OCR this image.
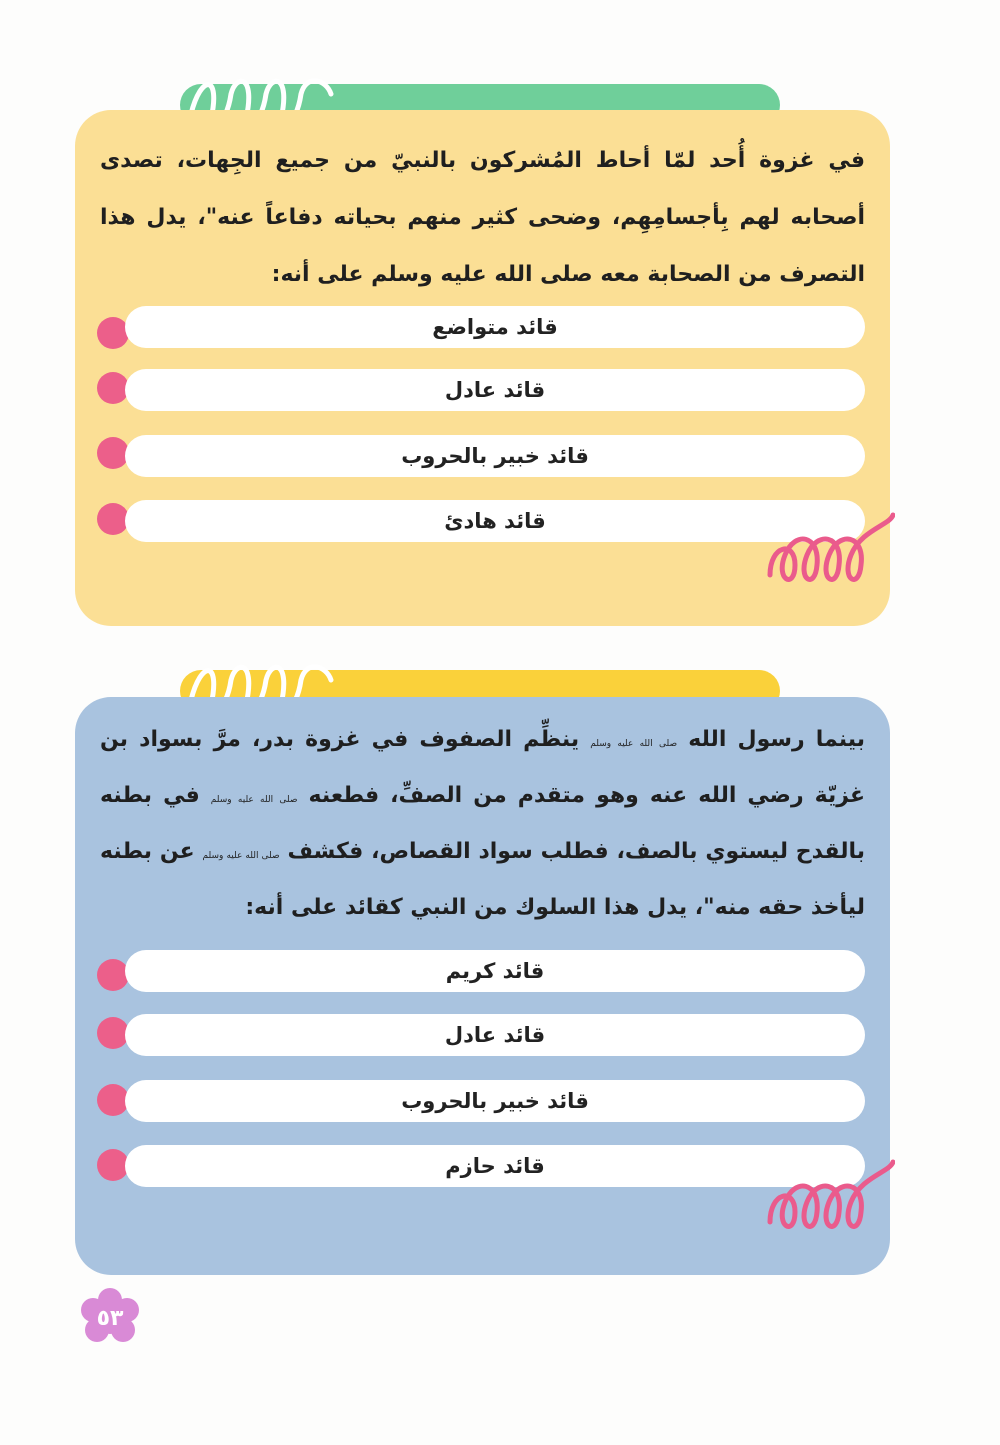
في غزوة أُحد لمّا أحاط المُشركون بالنبيّ من جميع الجِهات، تصدى أصحابه لهم بِأجسامِهِم، وضحى كثير منهم بحياته دفاعاً عنه"، يدل هذا التصرف من الصحابة معه صلى الله عليه وسلم على أنه:
قائد متواضع
قائد عادل
قائد خبير بالحروب
قائد هادئ
بينما رسول الله صلى الله عليه وسلم ينظِّم الصفوف في غزوة بدر، مرَّ بسواد بن غزيّة رضي الله عنه وهو متقدم من الصفِّ، فطعنه صلى الله عليه وسلم في بطنه بالقدح ليستوي بالصف، فطلب سواد القصاص، فكشف صلى الله عليه وسلم عن بطنه ليأخذ حقه منه"، يدل هذا السلوك من النبي كقائد على أنه:
قائد كريم
قائد عادل
قائد خبير بالحروب
قائد حازم
٥٣
